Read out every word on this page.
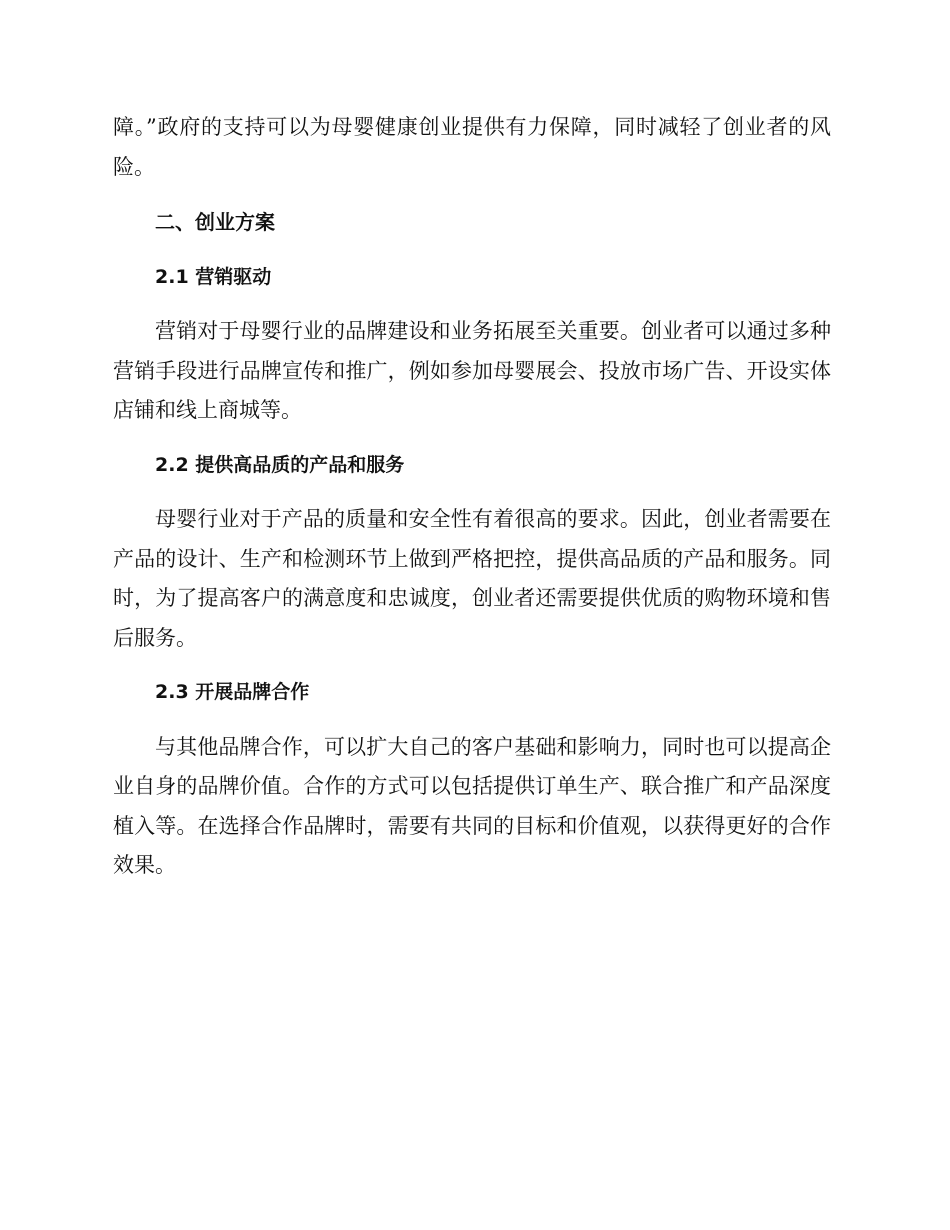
障。”政府的支持可以为母婴健康创业提供有力保障，同时减轻了创业者的风险。

二、创业方案

2.1 营销驱动

营销对于母婴行业的品牌建设和业务拓展至关重要。创业者可以通过多种营销手段进行品牌宣传和推广，例如参加母婴展会、投放市场广告、开设实体店铺和线上商城等。

2.2 提供高品质的产品和服务

母婴行业对于产品的质量和安全性有着很高的要求。因此，创业者需要在产品的设计、生产和检测环节上做到严格把控，提供高品质的产品和服务。同时，为了提高客户的满意度和忠诚度，创业者还需要提供优质的购物环境和售后服务。

2.3 开展品牌合作

与其他品牌合作，可以扩大自己的客户基础和影响力，同时也可以提高企业自身的品牌价值。合作的方式可以包括提供订单生产、联合推广和产品深度植入等。在选择合作品牌时，需要有共同的目标和价值观，以获得更好的合作效果。
